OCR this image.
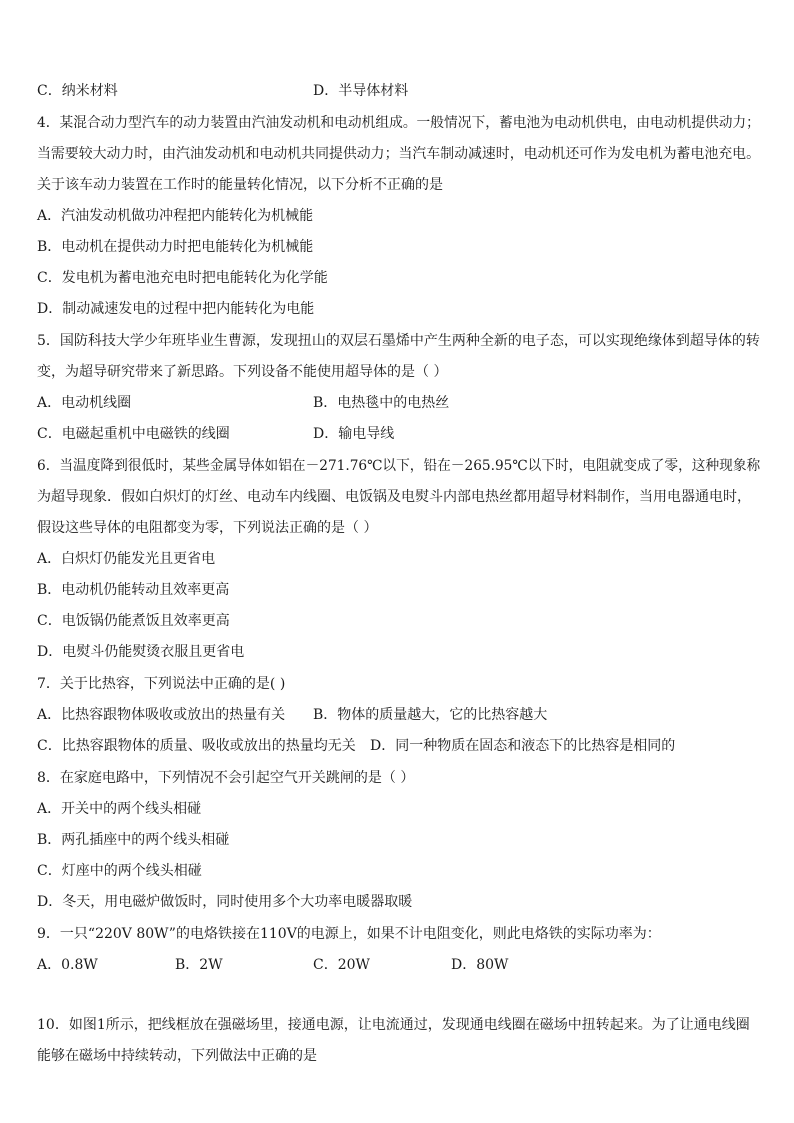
C．纳米材料	D．半导体材料
4．某混合动力型汽车的动力装置由汽油发动机和电动机组成。一般情况下，蓄电池为电动机供电，由电动机提供动力；
当需要较大动力时，由汽油发动机和电动机共同提供动力；当汽车制动减速时，电动机还可作为发电机为蓄电池充电。
关于该车动力装置在工作时的能量转化情况，以下分析不正确的是
A．汽油发动机做功冲程把内能转化为机械能
B．电动机在提供动力时把电能转化为机械能
C．发电机为蓄电池充电时把电能转化为化学能
D．制动减速发电的过程中把内能转化为电能
5．国防科技大学少年班毕业生曹源，发现扭山的双层石墨烯中产生两种全新的电子态，可以实现绝缘体到超导体的转
变，为超导研究带来了新思路。下列设备不能使用超导体的是（ ）
A．电动机线圈	B．电热毯中的电热丝
C．电磁起重机中电磁铁的线圈	D．输电导线
6．当温度降到很低时，某些金属导体如铝在－271.76℃以下，铅在－265.95℃以下时，电阻就变成了零，这种现象称
为超导现象．假如白炽灯的灯丝、电动车内线圈、电饭锅及电熨斗内部电热丝都用超导材料制作，当用电器通电时，
假设这些导体的电阻都变为零，下列说法正确的是（ ）
A．白炽灯仍能发光且更省电
B．电动机仍能转动且效率更高
C．电饭锅仍能煮饭且效率更高
D．电熨斗仍能熨烫衣服且更省电
7．关于比热容，下列说法中正确的是( )
A．比热容跟物体吸收或放出的热量有关	B．物体的质量越大，它的比热容越大
C．比热容跟物体的质量、吸收或放出的热量均无关	D．同一种物质在固态和液态下的比热容是相同的
8．在家庭电路中，下列情况不会引起空气开关跳闸的是（ ）
A．开关中的两个线头相碰
B．两孔插座中的两个线头相碰
C．灯座中的两个线头相碰
D．冬天，用电磁炉做饭时，同时使用多个大功率电暖器取暖
9．一只“220V 80W”的电烙铁接在110V的电源上，如果不计电阻变化，则此电烙铁的实际功率为：
A．0.8W	B．2W	C．20W	D．80W
10．如图1所示，把线框放在强磁场里，接通电源，让电流通过，发现通电线圈在磁场中扭转起来。为了让通电线圈
能够在磁场中持续转动，下列做法中正确的是
